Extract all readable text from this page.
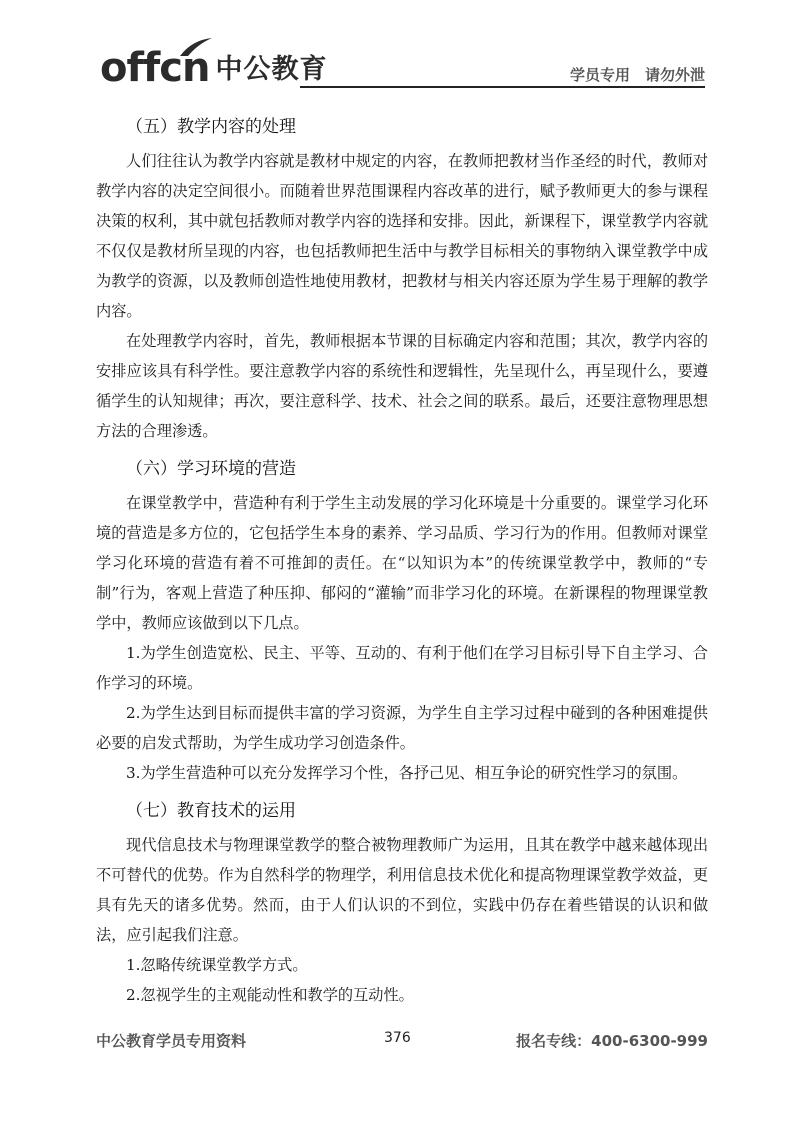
offcn 中公教育	学员专用　请勿外泄
（五）教学内容的处理

人们往往认为教学内容就是教材中规定的内容，在教师把教材当作圣经的时代，教师对教学内容的决定空间很小。而随着世界范围课程内容改革的进行，赋予教师更大的参与课程决策的权利，其中就包括教师对教学内容的选择和安排。因此，新课程下，课堂教学内容就不仅仅是教材所呈现的内容，也包括教师把生活中与教学目标相关的事物纳入课堂教学中成为教学的资源，以及教师创造性地使用教材，把教材与相关内容还原为学生易于理解的教学内容。

在处理教学内容时，首先，教师根据本节课的目标确定内容和范围；其次，教学内容的安排应该具有科学性。要注意教学内容的系统性和逻辑性，先呈现什么，再呈现什么，要遵循学生的认知规律；再次，要注意科学、技术、社会之间的联系。最后，还要注意物理思想方法的合理渗透。

（六）学习环境的营造

在课堂教学中，营造种有利于学生主动发展的学习化环境是十分重要的。课堂学习化环境的营造是多方位的，它包括学生本身的素养、学习品质、学习行为的作用。但教师对课堂学习化环境的营造有着不可推卸的责任。在“以知识为本”的传统课堂教学中，教师的“专制”行为，客观上营造了种压抑、郁闷的“灌输”而非学习化的环境。在新课程的物理课堂教学中，教师应该做到以下几点。

1.为学生创造宽松、民主、平等、互动的、有利于他们在学习目标引导下自主学习、合作学习的环境。

2.为学生达到目标而提供丰富的学习资源，为学生自主学习过程中碰到的各种困难提供必要的启发式帮助，为学生成功学习创造条件。

3.为学生营造种可以充分发挥学习个性，各抒己见、相互争论的研究性学习的氛围。

（七）教育技术的运用

现代信息技术与物理课堂教学的整合被物理教师广为运用，且其在教学中越来越体现出不可替代的优势。作为自然科学的物理学，利用信息技术优化和提高物理课堂教学效益，更具有先天的诸多优势。然而，由于人们认识的不到位，实践中仍存在着些错误的认识和做法，应引起我们注意。

1.忽略传统课堂教学方式。

2.忽视学生的主观能动性和教学的互动性。

中公教育学员专用资料	376	报名专线：400-6300-999
